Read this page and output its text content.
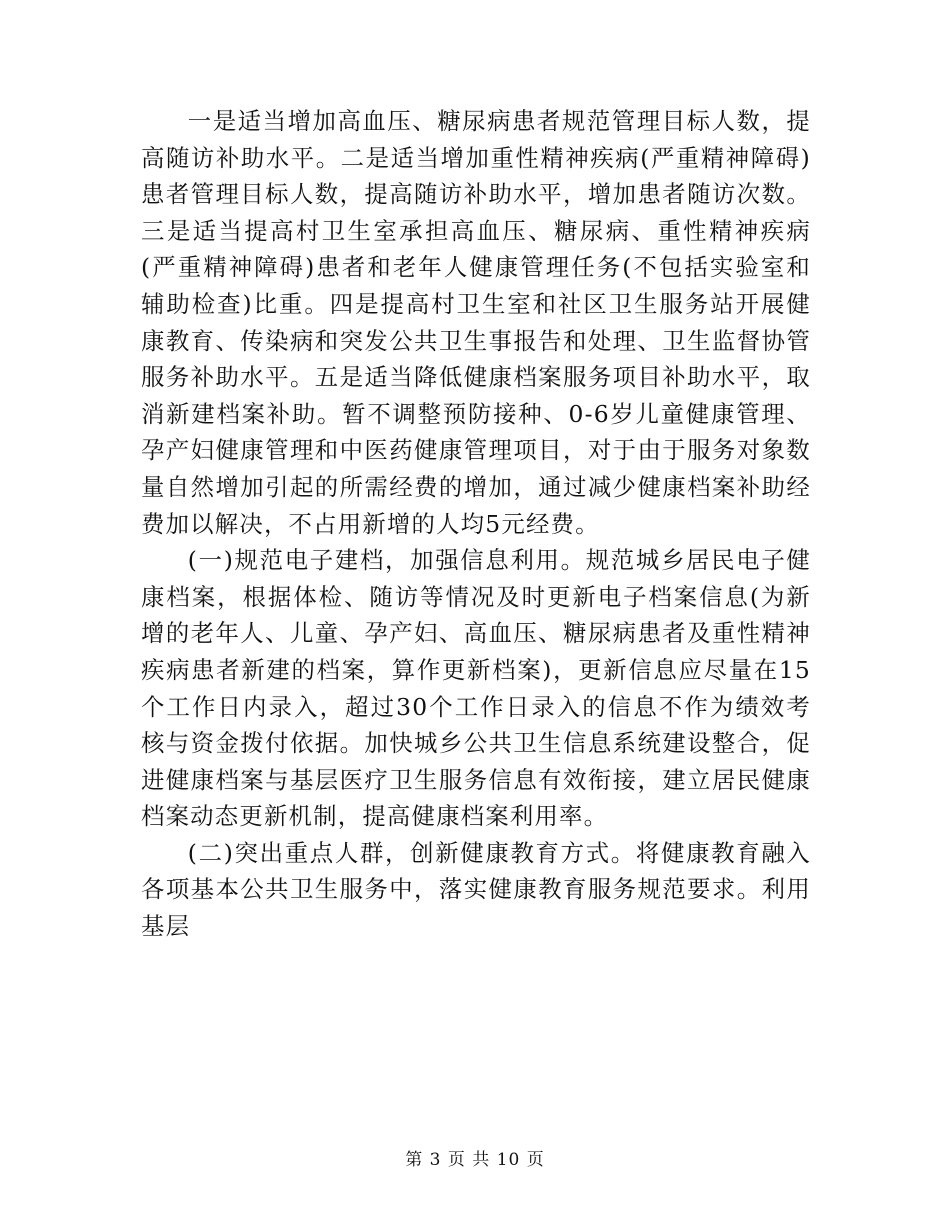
一是适当增加高血压、糖尿病患者规范管理目标人数，提高随访补助水平。二是适当增加重性精神疾病(严重精神障碍)患者管理目标人数，提高随访补助水平，增加患者随访次数。三是适当提高村卫生室承担高血压、糖尿病、重性精神疾病(严重精神障碍)患者和老年人健康管理任务(不包括实验室和辅助检查)比重。四是提高村卫生室和社区卫生服务站开展健康教育、传染病和突发公共卫生事报告和处理、卫生监督协管服务补助水平。五是适当降低健康档案服务项目补助水平，取消新建档案补助。暂不调整预防接种、0-6岁儿童健康管理、孕产妇健康管理和中医药健康管理项目，对于由于服务对象数量自然增加引起的所需经费的增加，通过减少健康档案补助经费加以解决，不占用新增的人均5元经费。

(一)规范电子建档，加强信息利用。规范城乡居民电子健康档案，根据体检、随访等情况及时更新电子档案信息(为新增的老年人、儿童、孕产妇、高血压、糖尿病患者及重性精神疾病患者新建的档案，算作更新档案)，更新信息应尽量在15个工作日内录入，超过30个工作日录入的信息不作为绩效考核与资金拨付依据。加快城乡公共卫生信息系统建设整合，促进健康档案与基层医疗卫生服务信息有效衔接，建立居民健康档案动态更新机制，提高健康档案利用率。

(二)突出重点人群，创新健康教育方式。将健康教育融入各项基本公共卫生服务中，落实健康教育服务规范要求。利用基层

第 3 页 共 10 页
